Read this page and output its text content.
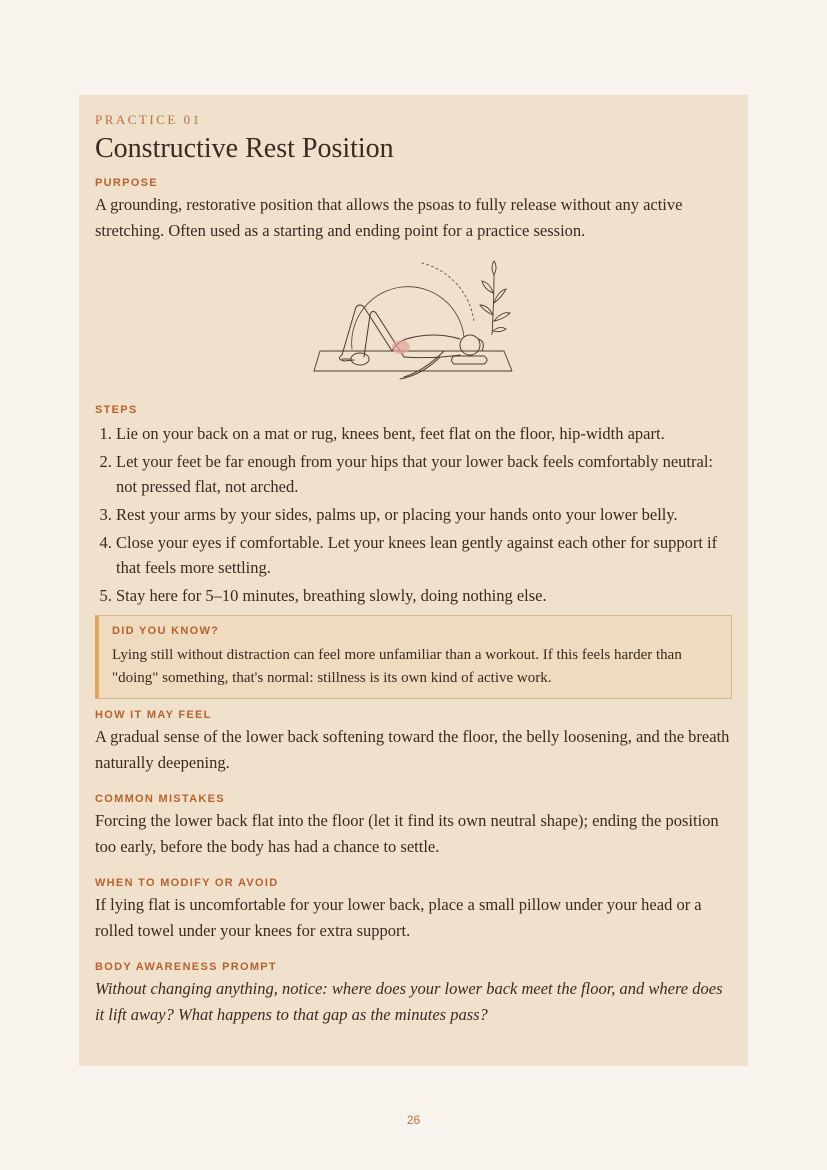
PRACTICE 01
Constructive Rest Position
PURPOSE

A grounding, restorative position that allows the psoas to fully release without any active stretching. Often used as a starting and ending point for a practice session.

STEPS
1. Lie on your back on a mat or rug, knees bent, feet flat on the floor, hip-width apart.
2. Let your feet be far enough from your hips that your lower back feels comfortably neutral: not pressed flat, not arched.
3. Rest your arms by your sides, palms up, or placing your hands onto your lower belly.
4. Close your eyes if comfortable. Let your knees lean gently against each other for support if that feels more settling.
5. Stay here for 5–10 minutes, breathing slowly, doing nothing else.
DID YOU KNOW?
Lying still without distraction can feel more unfamiliar than a workout. If this feels harder than "doing" something, that's normal: stillness is its own kind of active work.
HOW IT MAY FEEL

A gradual sense of the lower back softening toward the floor, the belly loosening, and the breath naturally deepening.

COMMON MISTAKES

Forcing the lower back flat into the floor (let it find its own neutral shape); ending the position too early, before the body has had a chance to settle.

WHEN TO MODIFY OR AVOID

If lying flat is uncomfortable for your lower back, place a small pillow under your head or a rolled towel under your knees for extra support.

BODY AWARENESS PROMPT

Without changing anything, notice: where does your lower back meet the floor, and where does it lift away? What happens to that gap as the minutes pass?

26
